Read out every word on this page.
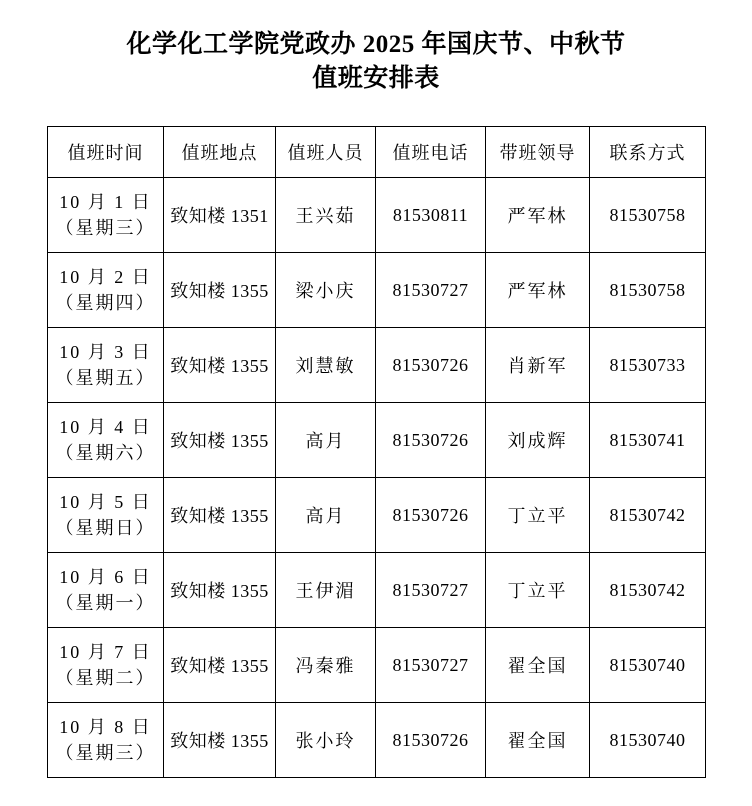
化学化工学院党政办 2025 年国庆节、中秋节
值班安排表
值班时间	值班地点	值班人员	值班电话	带班领导	联系方式

10 月 1 日
（星期三）	致知楼 1351	王兴茹	81530811	严军林	81530758

10 月 2 日
（星期四）	致知楼 1355	梁小庆	81530727	严军林	81530758

10 月 3 日
（星期五）	致知楼 1355	刘慧敏	81530726	肖新军	81530733

10 月 4 日
（星期六）	致知楼 1355	高月	81530726	刘成辉	81530741

10 月 5 日
（星期日）	致知楼 1355	高月	81530726	丁立平	81530742

10 月 6 日
（星期一）	致知楼 1355	王伊湄	81530727	丁立平	81530742

10 月 7 日
（星期二）	致知楼 1355	冯秦雅	81530727	翟全国	81530740

10 月 8 日
（星期三）	致知楼 1355	张小玲	81530726	翟全国	81530740
